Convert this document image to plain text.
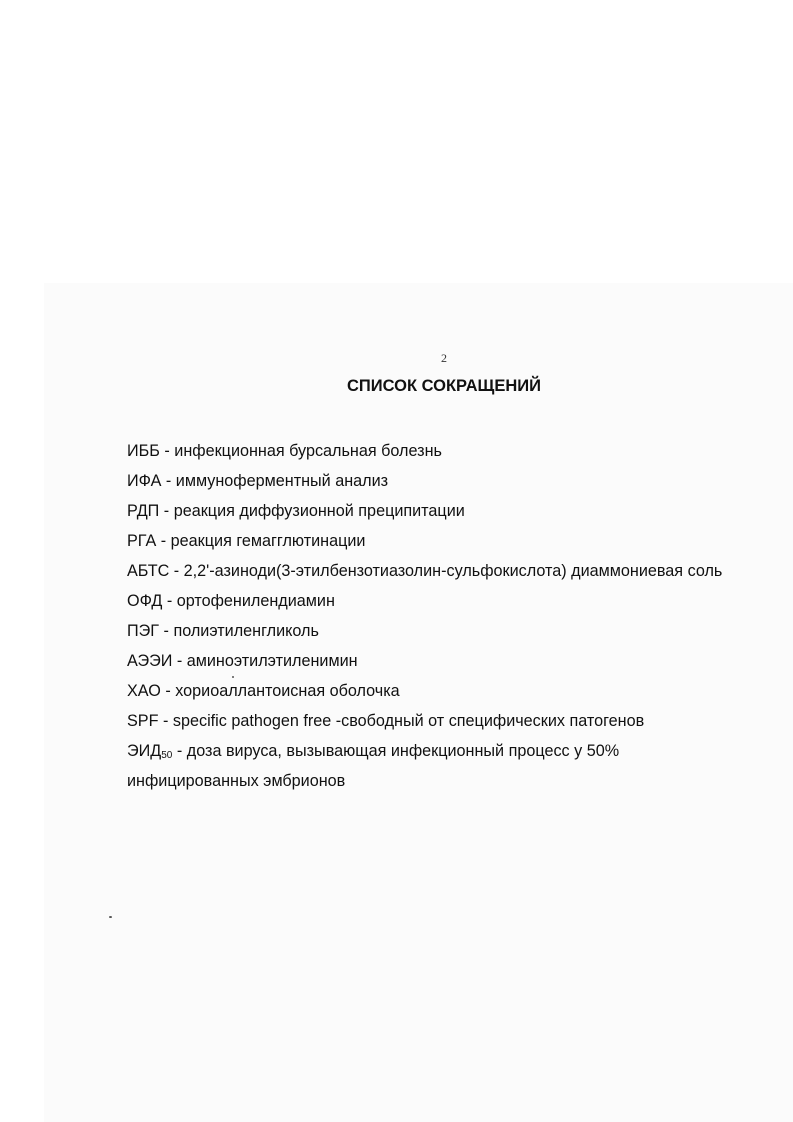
2
СПИСОК СОКРАЩЕНИЙ
ИББ - инфекционная бурсальная болезнь
ИФА - иммуноферментный анализ
РДП - реакция диффузионной преципитации
РГА - реакция гемагглютинации
АБТС - 2,2'-азиноди(3-этилбензотиазолин-сульфокислота) диаммониевая соль
ОФД - ортофенилендиамин
ПЭГ - полиэтиленгликоль
АЭЭИ - аминоэтилэтиленимин
ХАО - хориоаллантоисная оболочка
SPF - specific pathogen free -свободный от специфических патогенов
$ЭИД_{50}$ - доза вируса, вызывающая инфекционный процесс у 50%
инфицированных эмбрионов
